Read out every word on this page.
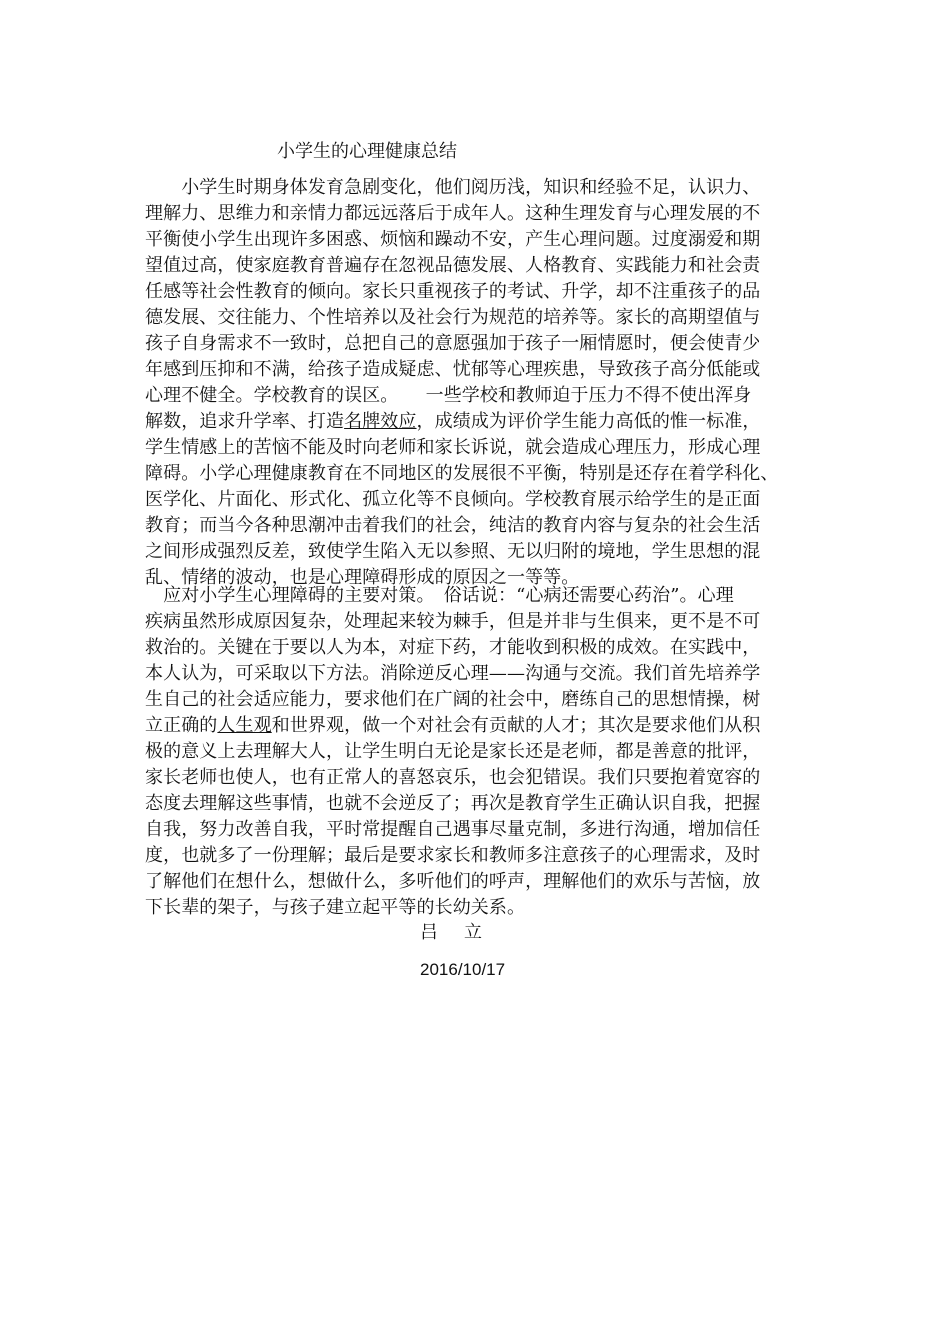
小学生的心理健康总结
　　小学生时期身体发育急剧变化，他们阅历浅，知识和经验不足，认识力、
理解力、思维力和亲情力都远远落后于成年人。这种生理发育与心理发展的不
平衡使小学生出现许多困惑、烦恼和躁动不安，产生心理问题。过度溺爱和期
望值过高，使家庭教育普遍存在忽视品德发展、人格教育、实践能力和社会责
任感等社会性教育的倾向。家长只重视孩子的考试、升学，却不注重孩子的品
德发展、交往能力、个性培养以及社会行为规范的培养等。家长的高期望值与
孩子自身需求不一致时，总把自己的意愿强加于孩子一厢情愿时，便会使青少
年感到压抑和不满，给孩子造成疑虑、忧郁等心理疾患，导致孩子高分低能或
心理不健全。学校教育的误区。　　一些学校和教师迫于压力不得不使出浑身
解数，追求升学率、打造名牌效应，成绩成为评价学生能力高低的惟一标准，
学生情感上的苦恼不能及时向老师和家长诉说，就会造成心理压力，形成心理
障碍。小学心理健康教育在不同地区的发展很不平衡，特别是还存在着学科化、
医学化、片面化、形式化、孤立化等不良倾向。学校教育展示给学生的是正面
教育；而当今各种思潮冲击着我们的社会，纯洁的教育内容与复杂的社会生活
之间形成强烈反差，致使学生陷入无以参照、无以归附的境地，学生思想的混
乱、情绪的波动，也是心理障碍形成的原因之一等等。
　应对小学生心理障碍的主要对策。　俗话说：“心病还需要心药治”。心理
疾病虽然形成原因复杂，处理起来较为棘手，但是并非与生俱来，更不是不可
救治的。关键在于要以人为本，对症下药，才能收到积极的成效。在实践中，
本人认为，可采取以下方法。消除逆反心理——沟通与交流。我们首先培养学
生自己的社会适应能力，要求他们在广阔的社会中，磨练自己的思想情操，树
立正确的人生观和世界观，做一个对社会有贡献的人才；其次是要求他们从积
极的意义上去理解大人，让学生明白无论是家长还是老师，都是善意的批评，
家长老师也使人，也有正常人的喜怒哀乐，也会犯错误。我们只要抱着宽容的
态度去理解这些事情，也就不会逆反了；再次是教育学生正确认识自我，把握
自我，努力改善自我，平时常提醒自己遇事尽量克制，多进行沟通，增加信任
度，也就多了一份理解；最后是要求家长和教师多注意孩子的心理需求，及时
了解他们在想什么，想做什么，多听他们的呼声，理解他们的欢乐与苦恼，放
下长辈的架子，与孩子建立起平等的长幼关系。
吕立
2016/10/17
